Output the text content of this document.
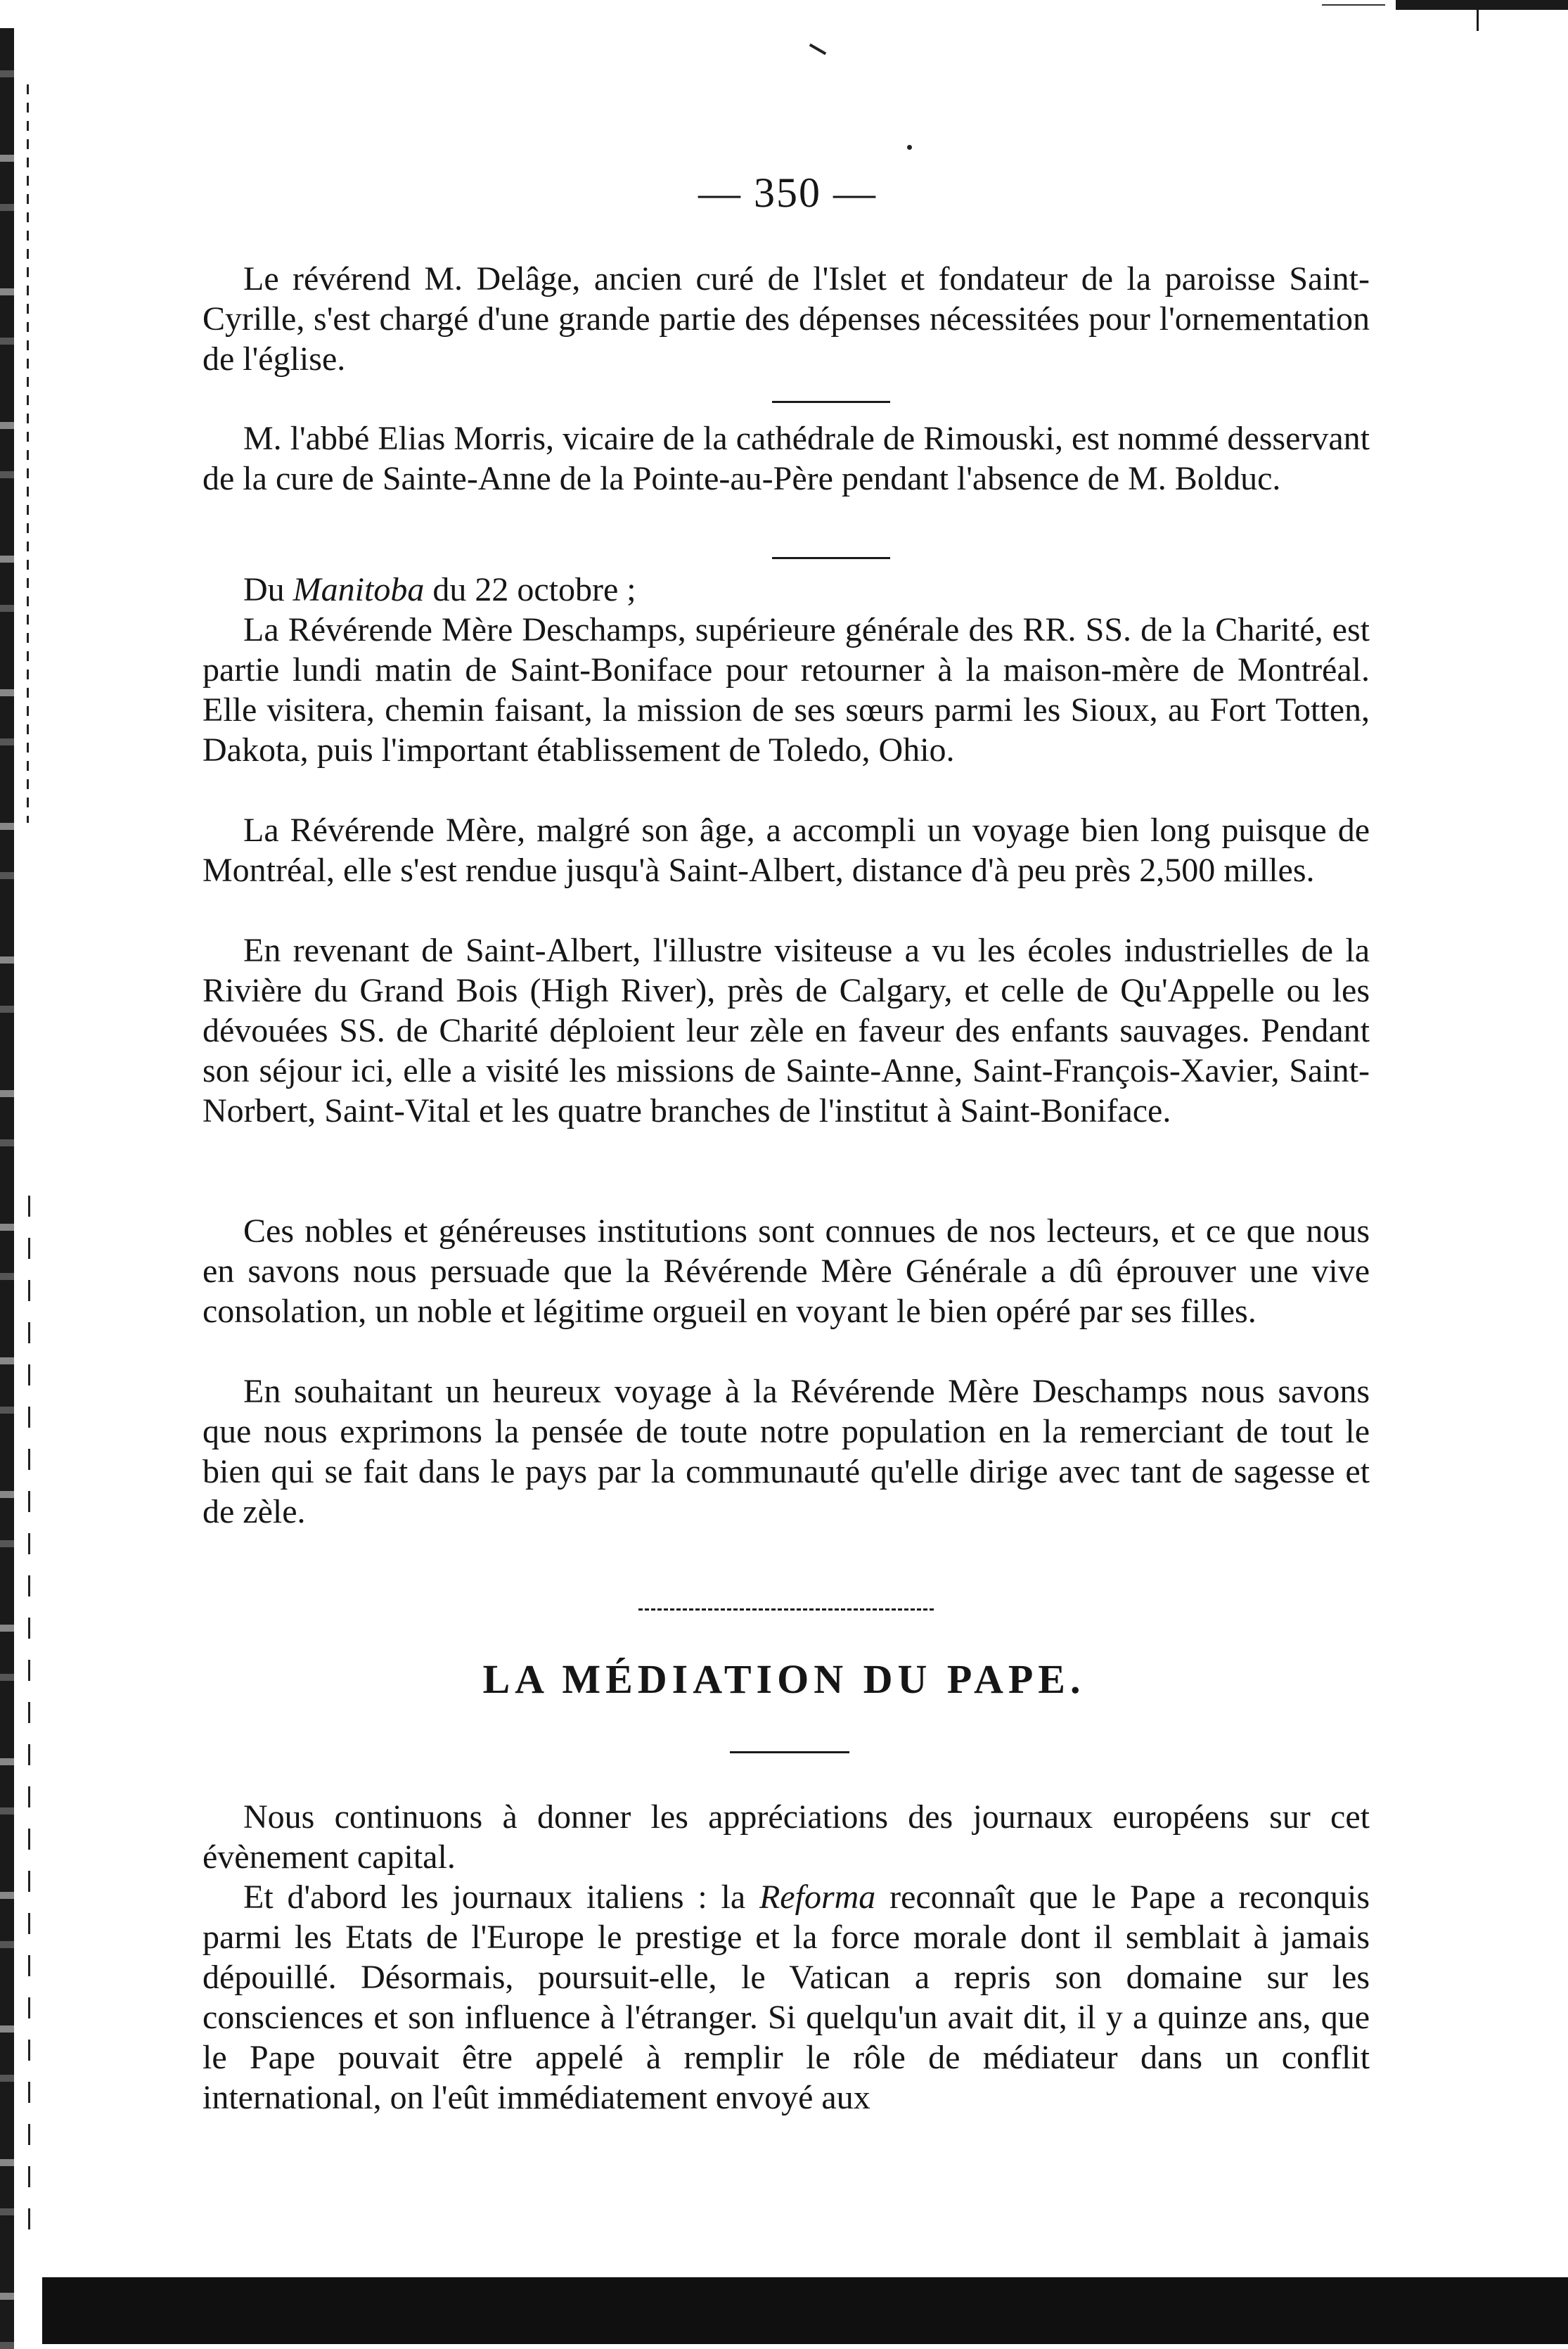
— 350 —

Le révérend M. Delâge, ancien curé de l'Islet et fondateur de la paroisse Saint-Cyrille, s'est chargé d'une grande partie des dépenses nécessitées pour l'ornementation de l'église.

M. l'abbé Elias Morris, vicaire de la cathédrale de Rimouski, est nommé desservant de la cure de Sainte-Anne de la Pointe-au-Père pendant l'absence de M. Bolduc.

Du Manitoba du 22 octobre ;

La Révérende Mère Deschamps, supérieure générale des RR. SS. de la Charité, est partie lundi matin de Saint-Boniface pour retourner à la maison-mère de Montréal. Elle visitera, chemin faisant, la mission de ses sœurs parmi les Sioux, au Fort Totten, Dakota, puis l'important établissement de Toledo, Ohio.

La Révérende Mère, malgré son âge, a accompli un voyage bien long puisque de Montréal, elle s'est rendue jusqu'à Saint-Albert, distance d'à peu près 2,500 milles.

En revenant de Saint-Albert, l'illustre visiteuse a vu les écoles industrielles de la Rivière du Grand Bois (High River), près de Calgary, et celle de Qu'Appelle ou les dévouées SS. de Charité déploient leur zèle en faveur des enfants sauvages. Pendant son séjour ici, elle a visité les missions de Sainte-Anne, Saint-François-Xavier, Saint-Norbert, Saint-Vital et les quatre branches de l'institut à Saint-Boniface.

Ces nobles et généreuses institutions sont connues de nos lecteurs, et ce que nous en savons nous persuade que la Révérende Mère Générale a dû éprouver une vive consolation, un noble et légitime orgueil en voyant le bien opéré par ses filles.

En souhaitant un heureux voyage à la Révérende Mère Deschamps nous savons que nous exprimons la pensée de toute notre population en la remerciant de tout le bien qui se fait dans le pays par la communauté qu'elle dirige avec tant de sagesse et de zèle.

LA MÉDIATION DU PAPE.

Nous continuons à donner les appréciations des journaux européens sur cet évènement capital.

Et d'abord les journaux italiens : la Reforma reconnaît que le Pape a reconquis parmi les Etats de l'Europe le prestige et la force morale dont il semblait à jamais dépouillé. Désormais, poursuit-elle, le Vatican a repris son domaine sur les consciences et son influence à l'étranger. Si quelqu'un avait dit, il y a quinze ans, que le Pape pouvait être appelé à remplir le rôle de médiateur dans un conflit international, on l'eût immédiatement envoyé aux
